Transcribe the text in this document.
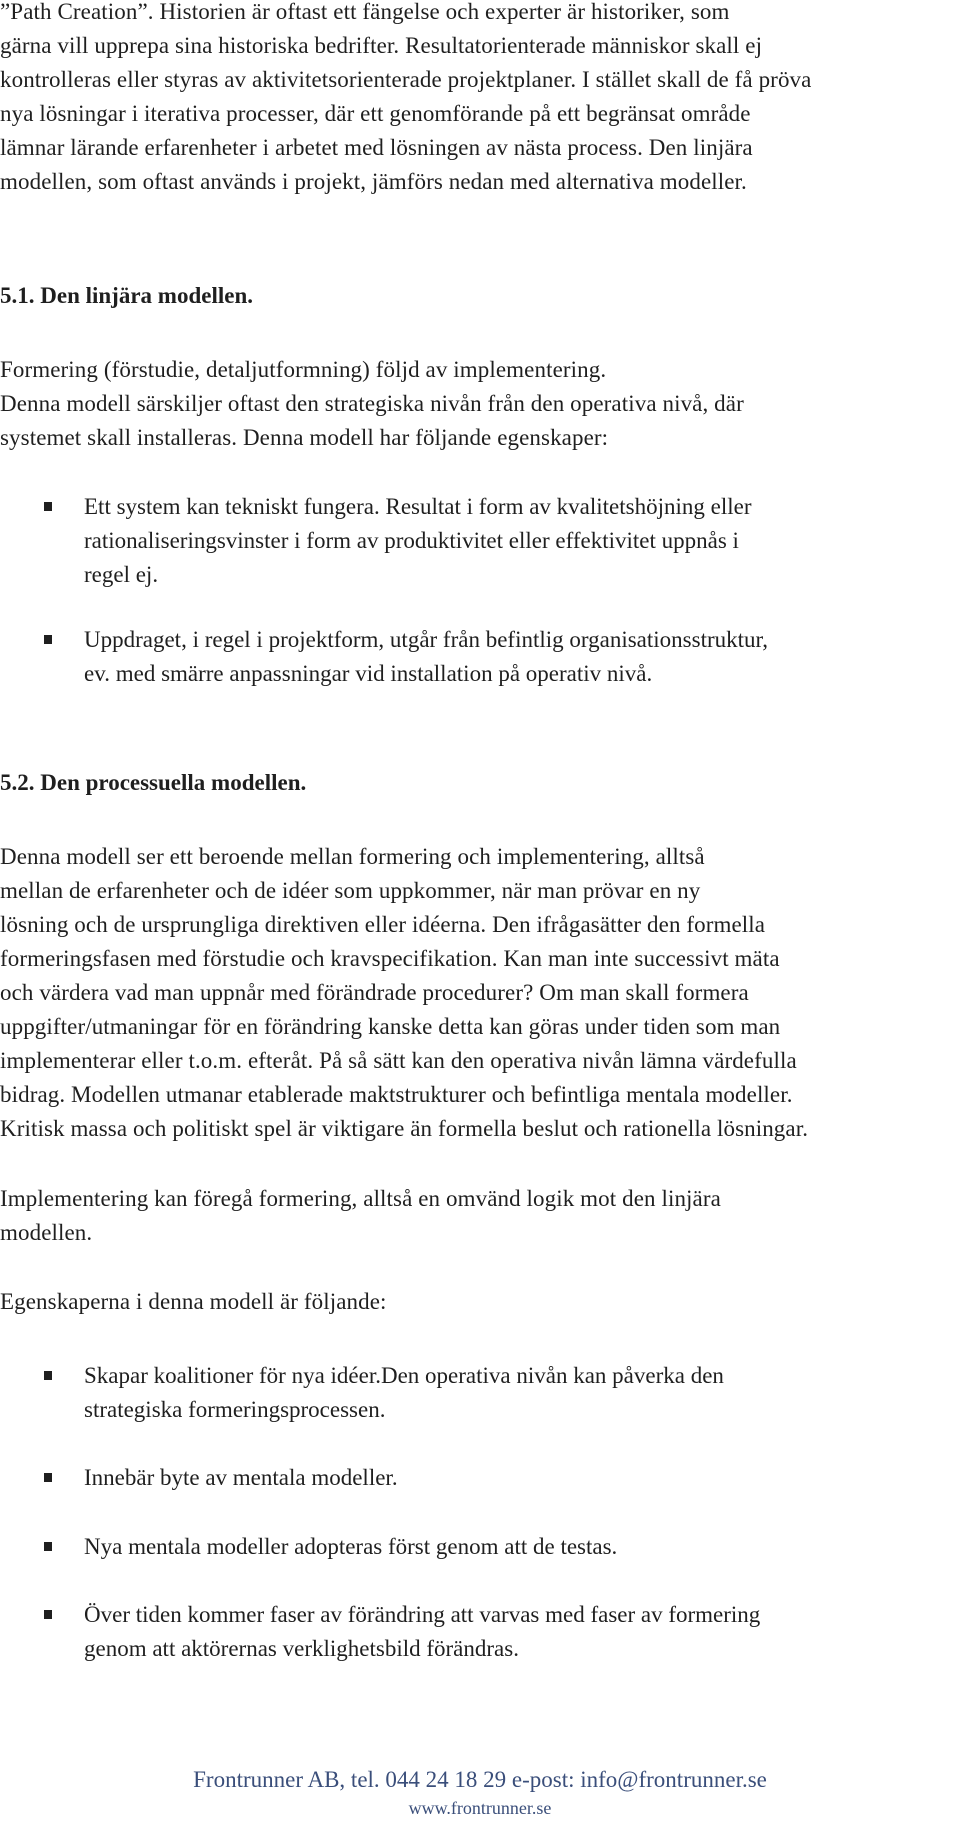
”Path Creation”. Historien är oftast ett fängelse och experter är historiker, som
gärna vill upprepa sina historiska bedrifter. Resultatorienterade människor skall ej
kontrolleras eller styras av aktivitetsorienterade projektplaner. I stället skall de få pröva
nya lösningar i iterativa processer, där ett genomförande på ett begränsat område
lämnar lärande erfarenheter i arbetet med lösningen av nästa process. Den linjära
modellen, som oftast används i projekt, jämförs nedan med alternativa modeller.
5.1. Den linjära modellen.
Formering (förstudie, detaljutformning) följd av implementering.
Denna modell särskiljer oftast den strategiska nivån från den operativa nivå, där
systemet skall installeras. Denna modell har följande egenskaper:
Ett system kan tekniskt fungera. Resultat i form av kvalitetshöjning eller
rationaliseringsvinster i form av produktivitet eller effektivitet uppnås i
regel ej.
Uppdraget, i regel i projektform, utgår från befintlig organisationsstruktur,
ev. med smärre anpassningar vid installation på operativ nivå.
5.2. Den processuella modellen.
Denna modell ser ett beroende mellan formering och implementering, alltså
mellan de erfarenheter och de idéer som uppkommer, när man prövar en ny
lösning och de ursprungliga direktiven eller idéerna. Den ifrågasätter den formella
formeringsfasen med förstudie och kravspecifikation. Kan man inte successivt mäta
och värdera vad man uppnår med förändrade procedurer? Om man skall formera
uppgifter/utmaningar för en förändring kanske detta kan göras under tiden som man
implementerar eller t.o.m. efteråt. På så sätt kan den operativa nivån lämna värdefulla
bidrag. Modellen utmanar etablerade maktstrukturer och befintliga mentala modeller.
Kritisk massa och politiskt spel är viktigare än formella beslut och rationella lösningar.
Implementering kan föregå formering, alltså en omvänd logik mot den linjära
modellen.
Egenskaperna i denna modell är följande:
Skapar koalitioner för nya idéer.Den operativa nivån kan påverka den
strategiska formeringsprocessen.
Innebär byte av mentala modeller.
Nya mentala modeller adopteras först genom att de testas.
Över tiden kommer faser av förändring att varvas med faser av formering
genom att aktörernas verklighetsbild förändras.
Frontrunner AB, tel. 044 24 18 29 e-post: info@frontrunner.se
www.frontrunner.se
